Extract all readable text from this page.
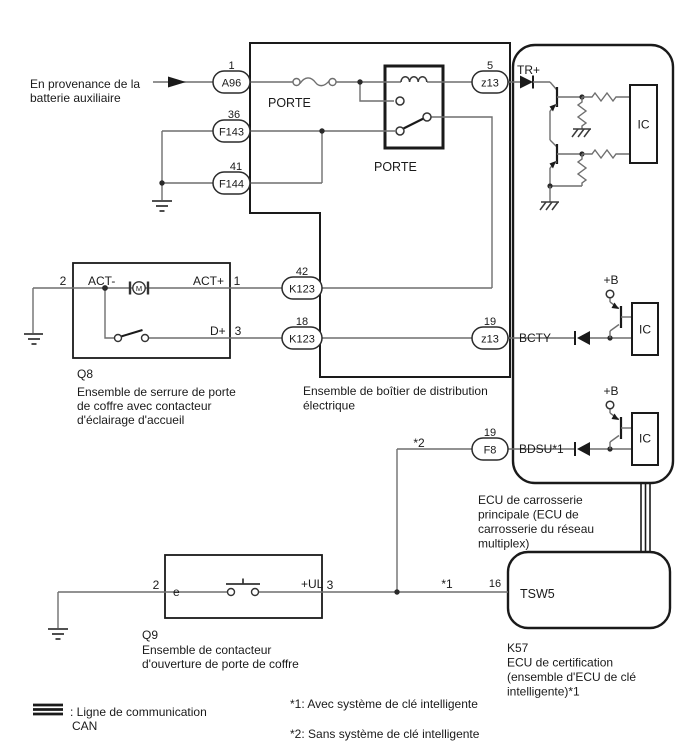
M
En provenance de la
batterie auxiliaire
1	5
36
41
42
18	19
19
A96	z13
F143
F144
K123
K123	z13
F8
PORTE
PORTE
TR+
BCTY
BDSU*1
+B
+B
IC
IC
IC
2 ACT-	ACT+ 1
D+ 3
2 e
+UL 3
*2
*1	16
TSW5
Q8
Ensemble de serrure de porte
de coffre avec contacteur
d'éclairage d'accueil
Ensemble de boîtier de distribution
électrique
ECU de carrosserie
principale (ECU de
carrosserie du réseau
multiplex)
Q9
Ensemble de contacteur
d'ouverture de porte de coffre
K57
ECU de certification
(ensemble d'ECU de clé
intelligente)*1
: Ligne de communication
CAN
*1: Avec système de clé intelligente
*2: Sans système de clé intelligente
